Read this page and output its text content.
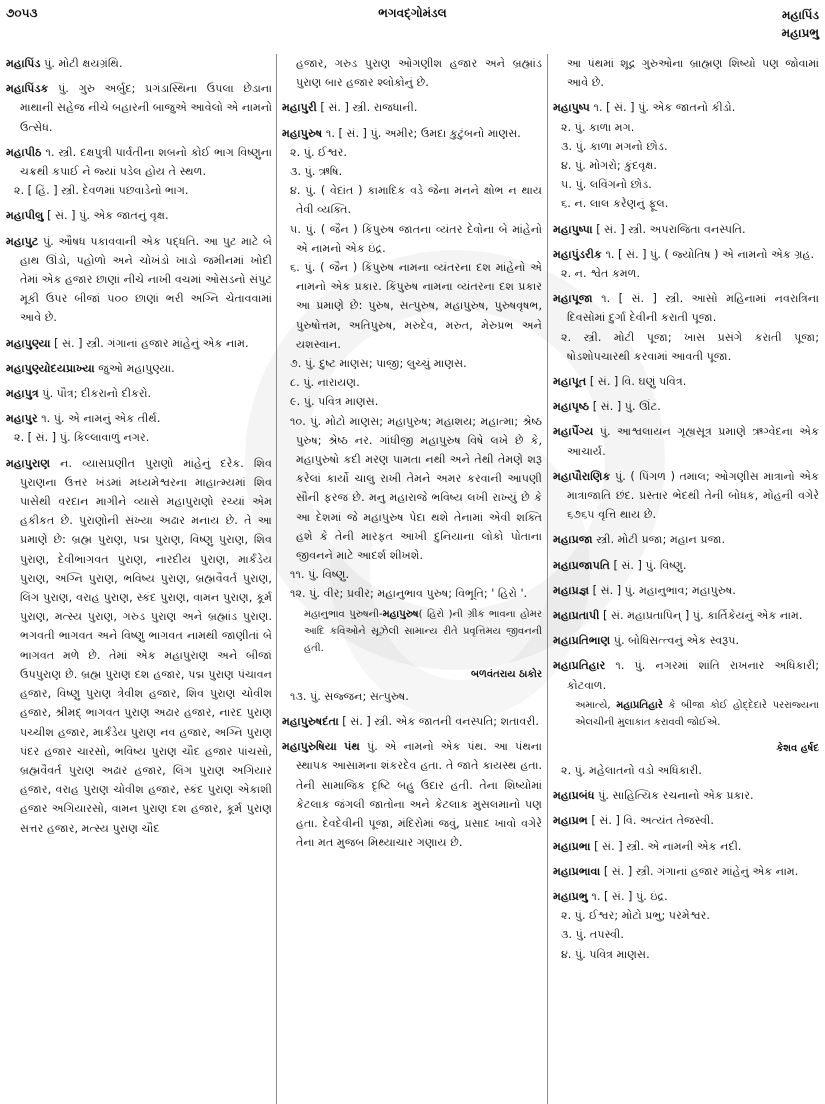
૭૦૫૩	ભગવદ્ગોમંડલ	મહાપિંડ
મહાપ્રભુ

મહાપિંડ પું. મોટી ક્ષયગ્રંથિ.

મહાપિંડક પું. ગુરુ અર્બુદ; પ્રગંડાસ્થિના ઉપલા છેડાના માથાની સહેજ નીચે બહારની બાજુએ આવેલો એ નામનો ઉત્સેધ.

મહાપીઠ ૧. સ્ત્રી. દક્ષપુત્રી પાર્વતીના શબનો કોઈ ભાગ વિષ્ણુના ચક્રથી કપાઈ ને જ્યાં પડેલ હોય તે સ્થળ.

૨. [ હિં. ] સ્ત્રી. દેવળમાં પછવાડેનો ભાગ.

મહાપીલુ [ સં. ] પું. એક જાતનું વૃક્ષ.

મહાપુટ પું. ઔષધ પકાવવાની એક પદ્ધતિ. આ પુટ માટે બે હાથ ઊંડો, પહોળો અને ચોખંડો ખાડો જમીનમાં ખોદી તેમાં એક હજાર છાણાં નીચે નાખી વચમાં ઓસડનો સંપુટ મૂકી ઉપર બીજાં ૫૦૦ છાણાં ભરી અગ્નિ ચેતાવવામાં આવે છે.

મહાપુણ્યા [ સં. ] સ્ત્રી. ગંગાનાં હજાર માંહેનું એક નામ.

મહાપુણ્યોદયપ્રાખ્યા જુઓ મહાપુણ્યા.

મહાપુત્ર પું. પૌત્ર; દીકરાનો દીકરો.

મહાપુર ૧. પું. એ નામનું એક તીર્થ.

૨. [ સં. ] પું. કિલ્લાવાળું નગર.

મહાપુરાણ ન. વ્યાસપ્રણીત પુરાણો માંહેનું દરેક. શિવ પુરાણના ઉત્તર ખંડમાં મધ્યમેશ્વરના માહાત્મ્યમાં શિવ પાસેથી વરદાન માગીને વ્યાસે મહાપુરાણો રચ્યાં એમ હકીકત છે. પુરાણોની સંખ્યા અઢાર મનાય છે. તે આ પ્રમાણે છે: બ્રહ્મ પુરાણ, પદ્મ પુરાણ, વિષ્ણુ પુરાણ, શિવ પુરાણ, દેવીભાગવત પુરાણ, નારદીય પુરાણ, માર્કંડેય પુરાણ, અગ્નિ પુરાણ, ભવિષ્ય પુરાણ, બ્રહ્મવૈવર્ત પુરાણ, લિંગ પુરાણ, વરાહ પુરાણ, સ્કંદ પુરાણ, વામન પુરાણ, કૂર્મ પુરાણ, મત્સ્ય પુરાણ, ગરુડ પુરાણ અને બ્રહ્માંડ પુરાણ. ભગવતી ભાગવત અને વિષ્ણુ ભાગવત નામથી જાણીતાં બે ભાગવત મળે છે. તેમાં એક મહાપુરાણ અને બીજાં ઉપપુરાણ છે. બ્રહ્મ પુરાણ દશ હજાર, પદ્મ પુરાણ પંચાવન હજાર, વિષ્ણુ પુરાણ ત્રેવીશ હજાર, શિવ પુરાણ ચોવીશ હજાર, શ્રીમદ્ ભાગવત પુરાણ અઢાર હજાર, નારદ પુરાણ પચ્ચીશ હજાર, માર્કંડેય પુરાણ નવ હજાર, અગ્નિ પુરાણ પંદર હજાર ચારસો, ભવિષ્ય પુરાણ ચૌદ હજાર પાંચસો, બ્રહ્મવૈવર્ત પુરાણ અઢાર હજાર, લિંગ પુરાણ અગિયાર હજાર, વરાહ પુરાણ ચોવીશ હજાર, સ્કંદ પુરાણ એકાશી હજાર અગિયારસો, વામન પુરાણ દશ હજાર, કૂર્મ પુરાણ સત્તર હજાર, મત્સ્ય પુરાણ ચૌદ

હજાર, ગરુડ પુરાણ ઓગણીશ હજાર અને બ્રહ્માંડ પુરાણ બાર હજાર શ્લોકોનું છે.

મહાપુરી [ સં. ] સ્ત્રી. રાજધાની.

મહાપુરુષ ૧. [ સં. ] પું. અમીર; ઉમદા કુટુંબનો માણસ.

૨. પું. ઈશ્વર.

૩. પું. ઋષિ.

૪. પું. ( વેદાંત ) કામાદિક વડે જેના મનને ક્ષોભ ન થાય તેવી વ્યક્તિ.

૫. પું. ( જૈન ) કિંપુરુષ જાતના વ્યંતર દેવોના બે માંહેનો એ નામનો એક ઇંદ્ર.

૬. પું. ( જૈન ) કિંપુરુષ નામના વ્યંતરના દશ માંહેનો એ નામનો એક પ્રકાર. કિંપુરુષ નામના વ્યંતરના દશ પ્રકાર આ પ્રમાણે છે: પુરુષ, સત્પુરુષ, મહાપુરુષ, પુરુષવૃષભ, પુરુષોત્તમ, અતિપુરુષ, મરુદેવ, મરુત, મેરુપ્રભ અને યશસ્વાન.

૭. પું. દુષ્ટ માણસ; પાજી; લુચ્ચું માણસ.

૮. પું. નારાયણ.

૯. પું. પવિત્ર માણસ.

૧૦. પું. મોટો માણસ; મહાપુરુષ; મહાશય; મહાત્મા; શ્રેષ્ઠ પુરુષ; શ્રેષ્ઠ નર. ગાંધીજી મહાપુરુષ વિષે લખે છે કે, મહાપુરુષો કદી મરણ પામતા નથી અને તેથી તેમણે શરૂ કરેલાં કાર્યો ચાલુ રાખી તેમને અમર કરવાની આપણી સૌની ફરજ છે. મનુ મહારાજે ભવિષ્ય લખી રાખ્યું છે કે આ દેશમાં જે મહાપુરુષ પેદા થશે તેનામાં એવી શક્તિ હશે કે તેની મારફત આખી દુનિયાના લોકો પોતાના જીવનને માટે આદર્શ શીખશે.

૧૧. પું. વિષ્ણુ.

૧૨. પું. વીર; પ્રવીર; મહાનુભાવ પુરુષ; વિભૂતિ; ' હિરો '.

મહાનુભાવ પુરુષની-મહાપુરુષ( હિરો )ની ગ્રીક ભાવના હોમર આદિ કવિઓને સૂઝેલી સામાન્ય રીતે પ્રવૃત્તિમય જીવનની હતી.

બળવંતરાય ઠાકોર

૧૩. પું. સજ્જન; સત્પુરુષ.

મહાપુરુષદંતા [ સં. ] સ્ત્રી. એક જાતની વનસ્પતિ; શતાવરી.

મહાપુરુષિયા પંથ પું. એ નામનો એક પંથ. આ પંથના સ્થાપક આસામના શંકરદેવ હતા. તે જાતે કાયસ્થ હતા. તેની સામાજિક દૃષ્ટિ બહુ ઉદાર હતી. તેના શિષ્યોમાં કેટલાક જંગલી જાતોના અને કેટલાક મુસલમાનો પણ હતા. દેવદેવીની પૂજા, મંદિરોમાં જવું, પ્રસાદ ખાવો વગેરે તેના મત મુજબ મિથ્યાચાર ગણાય છે.

આ પંથમાં શૂદ્ર ગુરુઓના બ્રાહ્મણ શિષ્યો પણ જોવામાં આવે છે.

મહાપુષ્પ ૧. [ સં. ] પું. એક જાતનો કીડો.

૨. પું. કાળા મગ.

૩. પું. કાળા મગનો છોડ.

૪. પું. મોગરો; કુંદવૃક્ષ.

૫. પું. લવિંગનો છોડ.

૬. ન. લાલ કરેણનું ફૂલ.

મહાપુષ્પા [ સં. ] સ્ત્રી. અપરાજિતા વનસ્પતિ.

મહાપુંડરીક ૧. [ સં. ] પું. ( જ્યોતિષ ) એ નામનો એક ગ્રહ.

૨. ન. શ્વેત કમળ.

મહાપૂજા ૧. [ સં. ] સ્ત્રી. આસો મહિનામાં નવરાત્રિના દિવસોમાં દુર્ગા દેવીની કરાતી પૂજા.

૨. સ્ત્રી. મોટી પૂજા; ખાસ પ્રસંગે કરાતી પૂજા; ષોડશોપચારથી કરવામાં આવતી પૂજા.

મહાપૂત [ સં. ] વિ. ઘણું પવિત્ર.

મહાપૃષ્ઠ [ સં. ] પું. ઊંટ.

મહાપૈંગ્ય પું. આશ્વલાયન ગૃહ્યસૂત્ર પ્રમાણે ઋગ્વેદના એક આચાર્ય.

મહાપૌરાણિક પું. ( પિંગળ ) તમાલ; ઓગણીસ માત્રાનો એક માત્રાજાતિ છંદ. પ્રસ્તાર ભેદથી તેની બોધક, મોહની વગેરે ૬૭૬૫ વૃત્તિ થાય છે.

મહાપ્રજા સ્ત્રી. મોટી પ્રજા; મહાન પ્રજા.

મહાપ્રજાપતિ [ સં. ] પું. વિષ્ણુ.

મહાપ્રજ્ઞ [ સં. ] પું. મહાનુભાવ; મહાપુરુષ.

મહાપ્રતાપી [ સં. મહાપ્રતાપિન્ ] પું. કાર્તિકેયનું એક નામ.

મહાપ્રતિભાણ પું. બોધિસત્ત્વનું એક સ્વરૂપ.

મહાપ્રતિહાર ૧. પું. નગરમાં શાંતિ રાખનાર અધિકારી; કોટવાળ.

અમાત્યે, મહાપ્રતિહારે કે બીજા કોઈ હોદ્દેદારે પરરાજ્યના એલચીની મુલાકાત કરાવવી જોઈએ.

કેશવ હર્ષદ

૨. પું. મહેલાતનો વડો અધિકારી.

મહાપ્રબંધ પું. સાહિત્યિક રચનાનો એક પ્રકાર.

મહાપ્રભ [ સં. ] વિ. અત્યંત તેજસ્વી.

મહાપ્રભા [ સં. ] સ્ત્રી. એ નામની એક નદી.

મહાપ્રભાવા [ સં. ] સ્ત્રી. ગંગાનાં હજાર માંહેનું એક નામ.

મહાપ્રભુ ૧. [ સં. ] પું. ઇંદ્ર.

૨. પું. ઈશ્વર; મોટો પ્રભુ; પરમેશ્વર.

૩. પું. તપસ્વી.

૪. પું. પવિત્ર માણસ.
